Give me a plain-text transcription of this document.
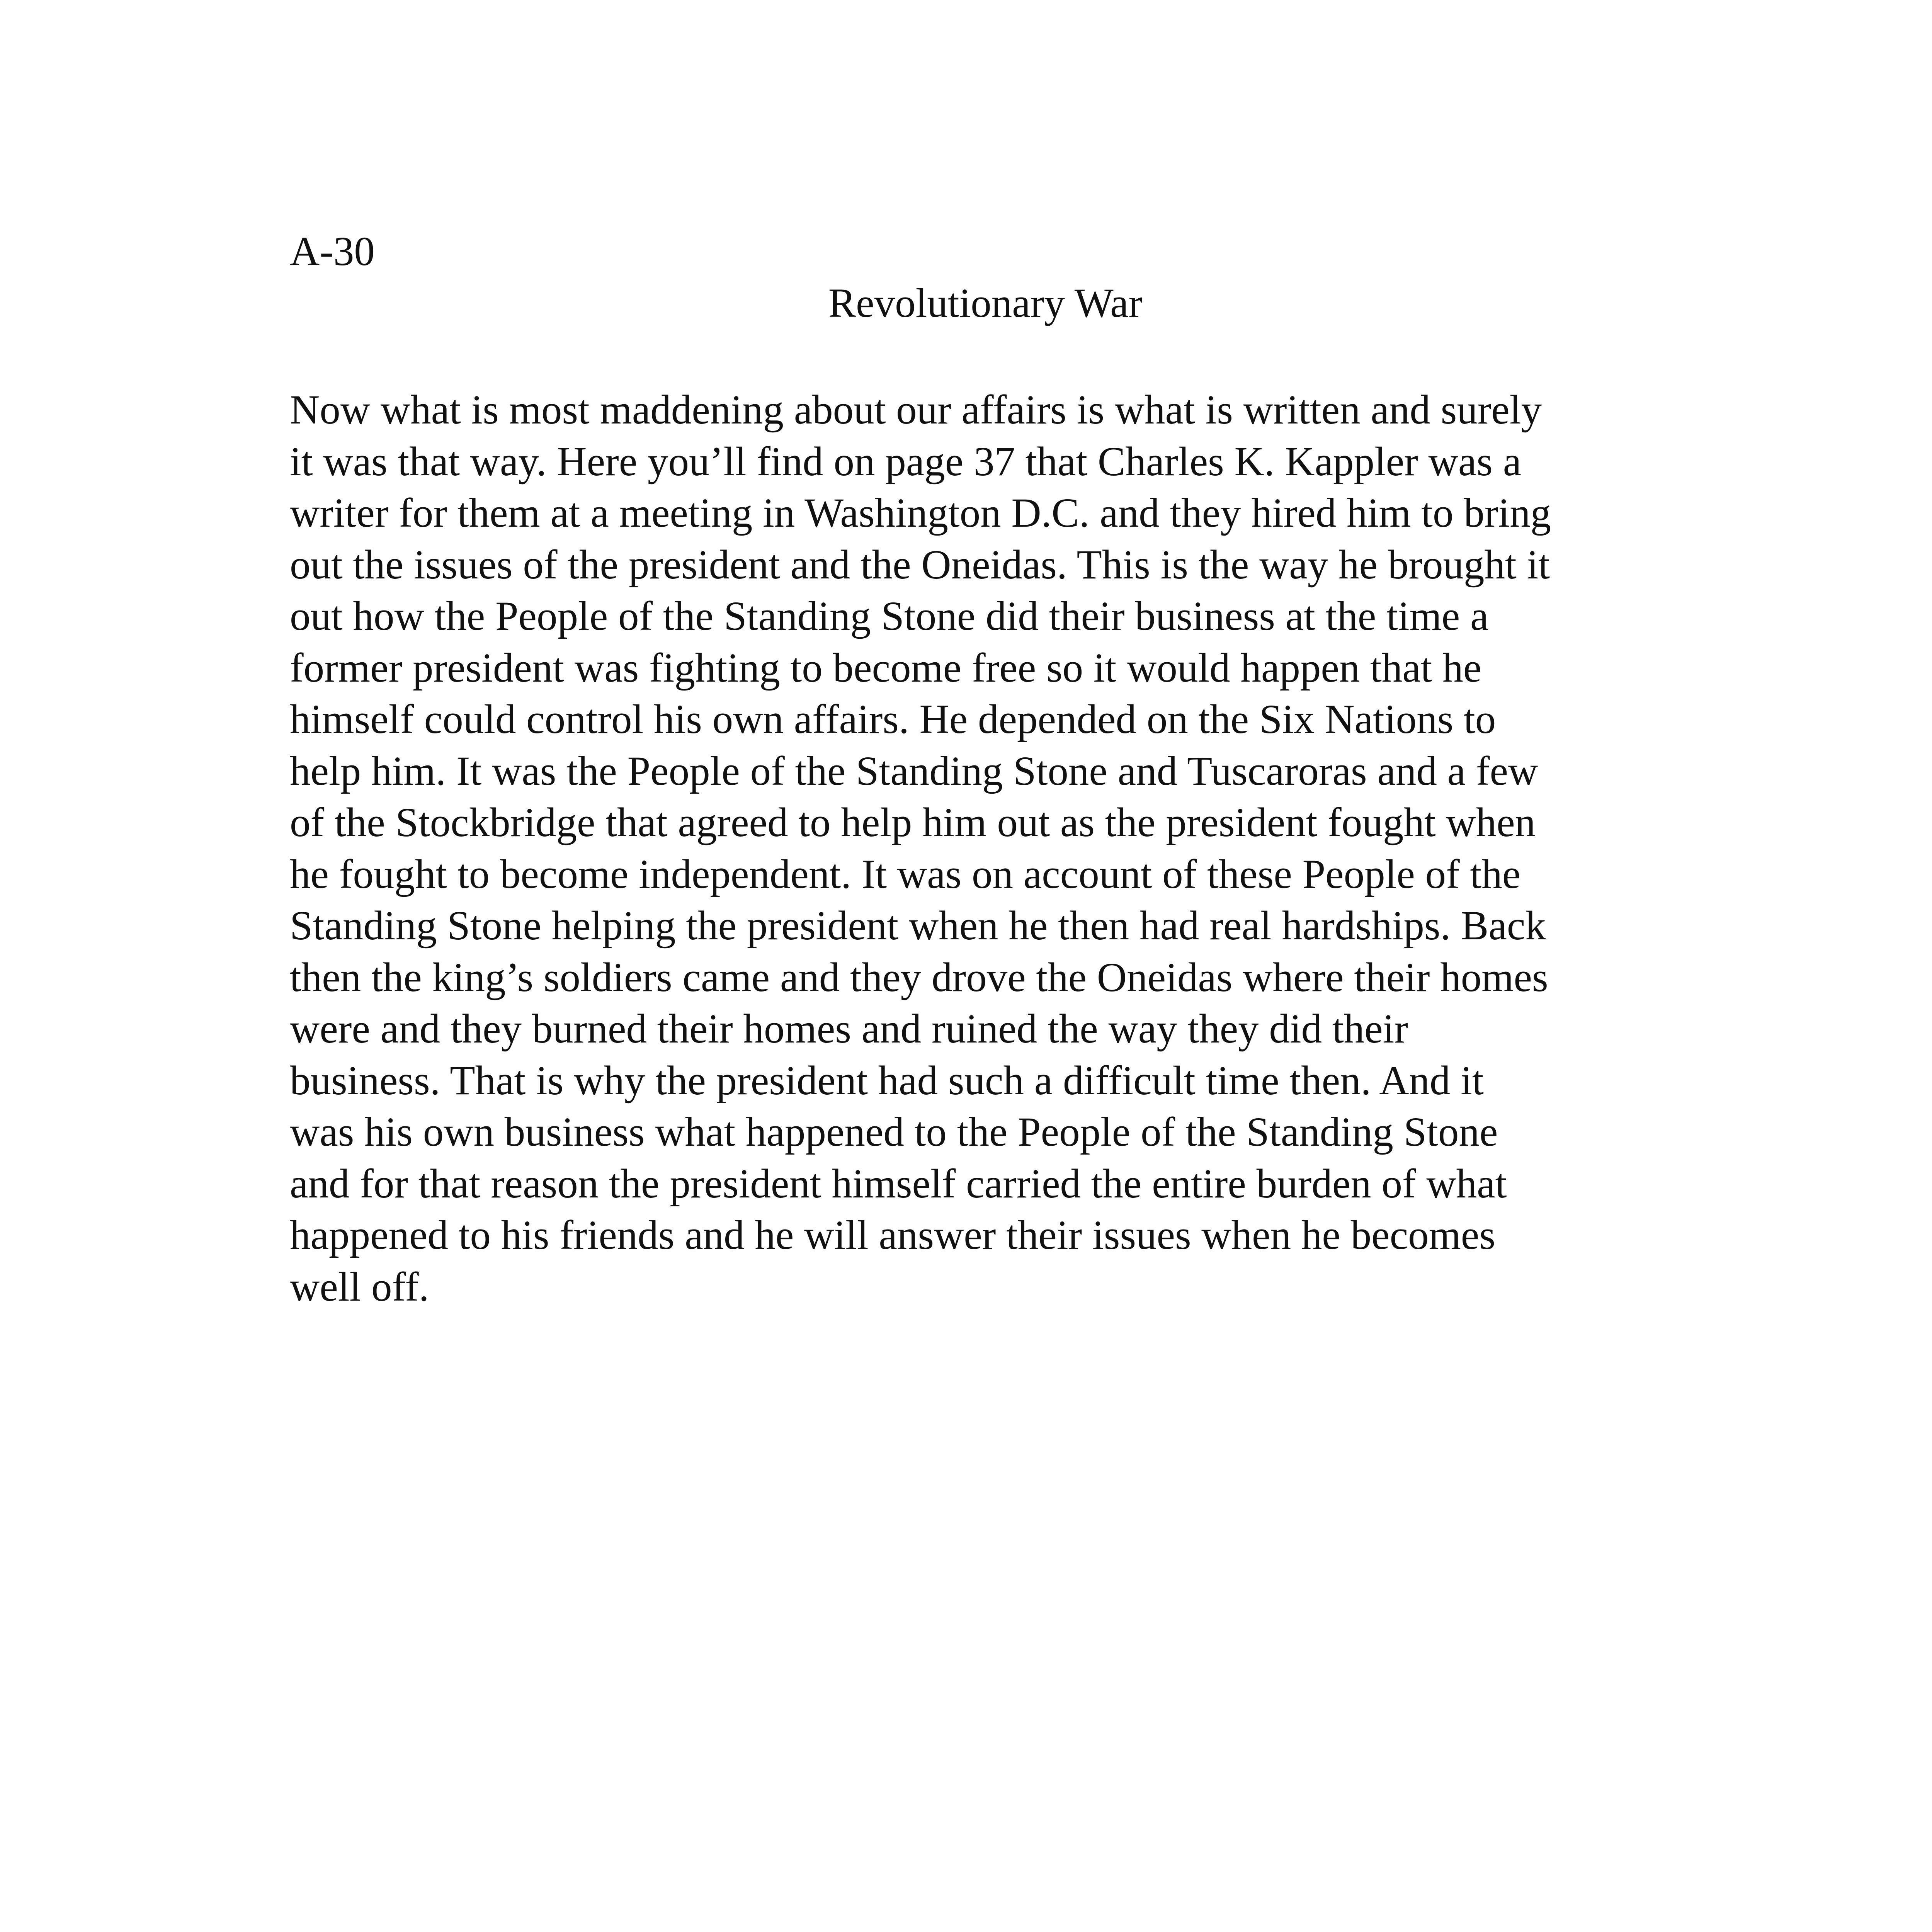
A-30

Revolutionary War

Now what is most maddening about our affairs is what is written and surely
it was that way. Here you’ll find on page 37 that Charles K. Kappler was a
writer for them at a meeting in Washington D.C. and they hired him to bring
out the issues of the president and the Oneidas. This is the way he brought it
out how the People of the Standing Stone did their business at the time a
former president was fighting to become free so it would happen that he
himself could control his own affairs. He depended on the Six Nations to
help him. It was the People of the Standing Stone and Tuscaroras and a few
of the Stockbridge that agreed to help him out as the president fought when
he fought to become independent. It was on account of these People of the
Standing Stone helping the president when he then had real hardships. Back
then the king’s soldiers came and they drove the Oneidas where their homes
were and they burned their homes and ruined the way they did their
business. That is why the president had such a difficult time then. And it
was his own business what happened to the People of the Standing Stone
and for that reason the president himself carried the entire burden of what
happened to his friends and he will answer their issues when he becomes
well off.
